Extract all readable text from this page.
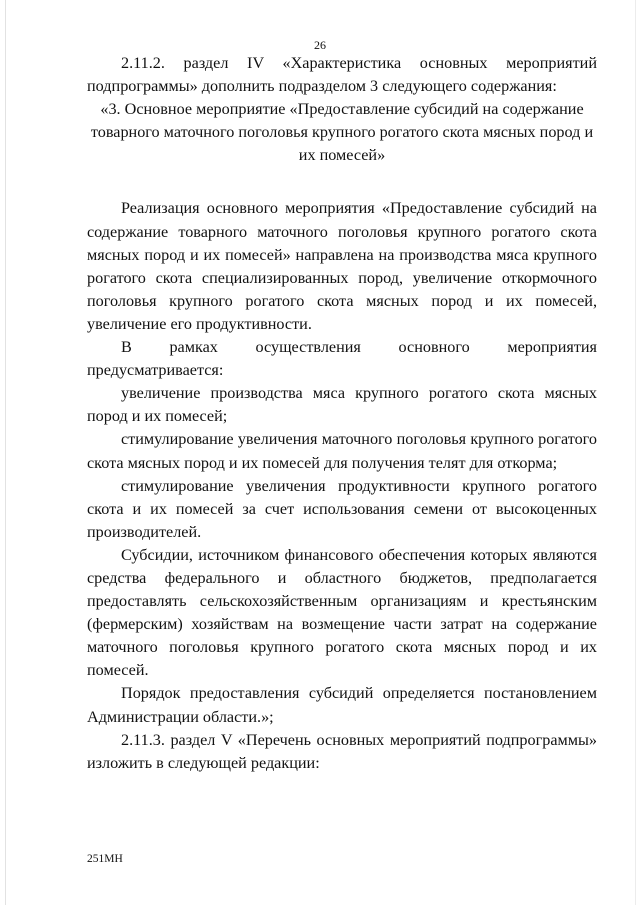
26

2.11.2. раздел IV «Характеристика основных мероприятий подпрограммы» дополнить подразделом 3 следующего содержания:

«3. Основное мероприятие «Предоставление субсидий на содержание товарного маточного поголовья крупного рогатого скота мясных пород и их помесей»

Реализация основного мероприятия «Предоставление субсидий на содержание товарного маточного поголовья крупного рогатого скота мясных пород и их помесей» направлена на производства мяса крупного рогатого скота специализированных пород, увеличение откормочного поголовья крупного рогатого скота мясных пород и их помесей, увеличение его продуктивности.

В рамках осуществления основного мероприятия предусматривается:

увеличение производства мяса крупного рогатого скота мясных пород и их помесей;

стимулирование увеличения маточного поголовья крупного рогатого скота мясных пород и их помесей для получения телят для откорма;

стимулирование увеличения продуктивности крупного рогатого скота и их помесей за счет использования семени от высокоценных производителей.

Субсидии, источником финансового обеспечения которых являются средства федерального и областного бюджетов, предполагается предоставлять сельскохозяйственным организациям и крестьянским (фермерским) хозяйствам на возмещение части затрат на содержание маточного поголовья крупного рогатого скота мясных пород и их помесей.

Порядок предоставления субсидий определяется постановлением Администрации области.»;

2.11.3. раздел V «Перечень основных мероприятий подпрограммы» изложить в следующей редакции:

251МН
